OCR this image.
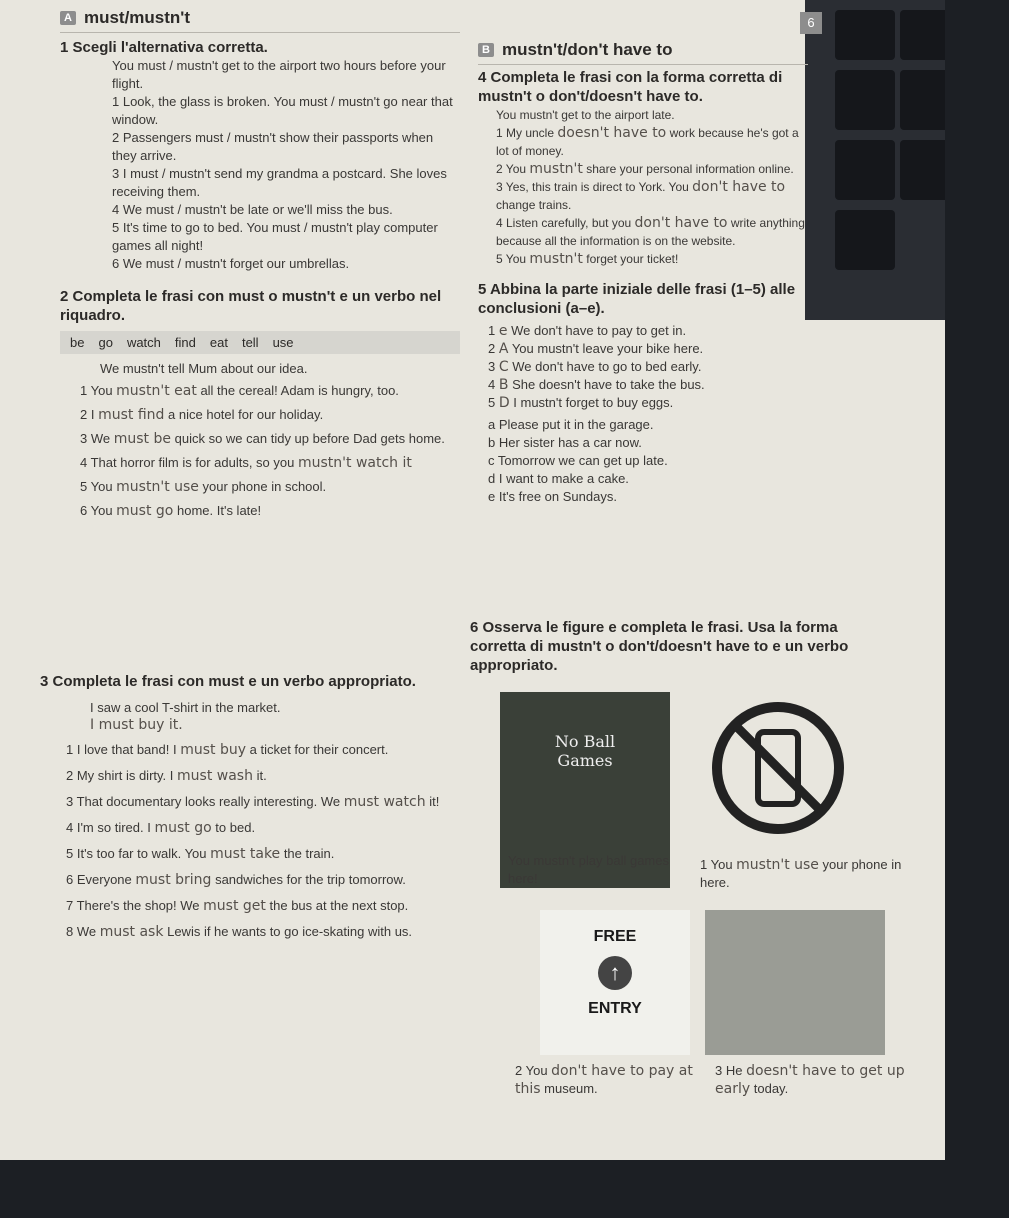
6
A must/mustn't
1 Scegli l'alternativa corretta.
You must / mustn't get to the airport two hours before your flight.
1 Look, the glass is broken. You must / mustn't go near that window.
2 Passengers must / mustn't show their passports when they arrive.
3 I must / mustn't send my grandma a postcard. She loves receiving them.
4 We must / mustn't be late or we'll miss the bus.
5 It's time to go to bed. You must / mustn't play computer games all night!
6 We must / mustn't forget our umbrellas.
2 Completa le frasi con must o mustn't e un verbo nel riquadro.
be go watch find eat tell use
We mustn't tell Mum about our idea.
1 You mustn't eat all the cereal! Adam is hungry, too.
2 I must find a nice hotel for our holiday.
3 We must be quick so we can tidy up before Dad gets home.
4 That horror film is for adults, so you mustn't watch it
5 You mustn't use your phone in school.
6 You must go home. It's late!
3 Completa le frasi con must e un verbo appropriato.
I saw a cool T-shirt in the market.
I must buy it.
1 I love that band! I must buy a ticket for their concert.
2 My shirt is dirty. I must wash it.
3 That documentary looks really interesting. We must watch it!
4 I'm so tired. I must go to bed.
5 It's too far to walk. You must take the train.
6 Everyone must bring sandwiches for the trip tomorrow.
7 There's the shop! We must get the bus at the next stop.
8 We must ask Lewis if he wants to go ice-skating with us.
B mustn't/don't have to
4 Completa le frasi con la forma corretta di mustn't o don't/doesn't have to.
You mustn't get to the airport late.
1 My uncle doesn't have to work because he's got a lot of money.
2 You mustn't share your personal information online.
3 Yes, this train is direct to York. You don't have to change trains.
4 Listen carefully, but you don't have to write anything because all the information is on the website.
5 You mustn't forget your ticket!
5 Abbina la parte iniziale delle frasi (1–5) alle conclusioni (a–e).
1 e We don't have to pay to get in.
2 A You mustn't leave your bike here.
3 C We don't have to go to bed early.
4 B She doesn't have to take the bus.
5 D I mustn't forget to buy eggs.
a Please put it in the garage.
b Her sister has a car now.
c Tomorrow we can get up late.
d I want to make a cake.
e It's free on Sundays.
6 Osserva le figure e completa le frasi. Usa la forma corretta di mustn't o don't/doesn't have to e un verbo appropriato.
No Ball Games
You mustn't play ball games here!
1 You mustn't use your phone in here.
FREE
↑
ENTRY
2 You don't have to pay at this museum.
3 He doesn't have to get up early today.
